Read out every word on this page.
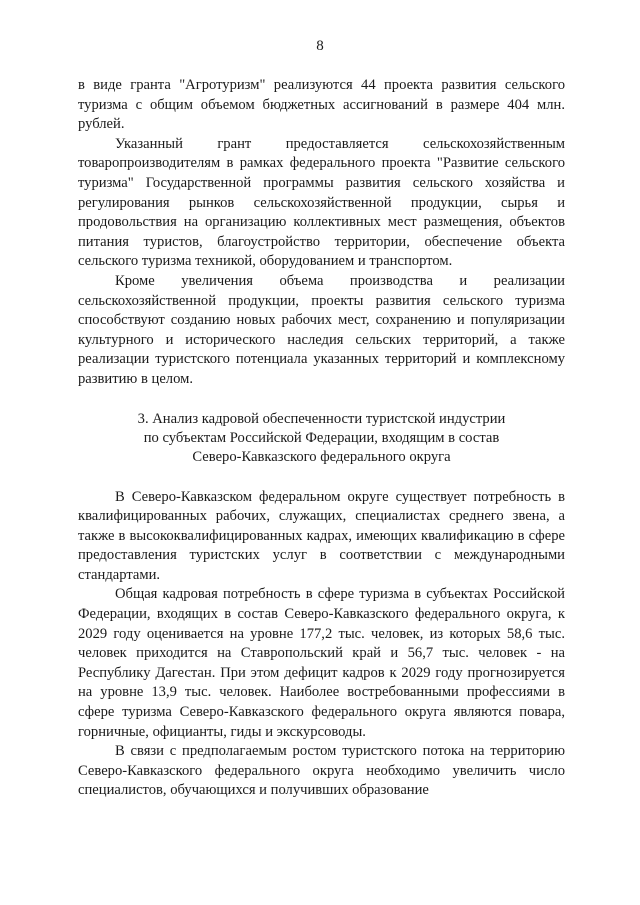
8

в виде гранта "Агротуризм" реализуются 44 проекта развития сельского туризма с общим объемом бюджетных ассигнований в размере 404 млн. рублей.

Указанный грант предоставляется сельскохозяйственным товаропроизводителям в рамках федерального проекта "Развитие сельского туризма" Государственной программы развития сельского хозяйства и регулирования рынков сельскохозяйственной продукции, сырья и продовольствия на организацию коллективных мест размещения, объектов питания туристов, благоустройство территории, обеспечение объекта сельского туризма техникой, оборудованием и транспортом.

Кроме увеличения объема производства и реализации сельскохозяйственной продукции, проекты развития сельского туризма способствуют созданию новых рабочих мест, сохранению и популяризации культурного и исторического наследия сельских территорий, а также реализации туристского потенциала указанных территорий и комплексному развитию в целом.

3. Анализ кадровой обеспеченности туристской индустрии
по субъектам Российской Федерации, входящим в состав
Северо-Кавказского федерального округа

В Северо-Кавказском федеральном округе существует потребность в квалифицированных рабочих, служащих, специалистах среднего звена, а также в высококвалифицированных кадрах, имеющих квалификацию в сфере предоставления туристских услуг в соответствии с международными стандартами.

Общая кадровая потребность в сфере туризма в субъектах Российской Федерации, входящих в состав Северо-Кавказского федерального округа, к 2029 году оценивается на уровне 177,2 тыс. человек, из которых 58,6 тыс. человек приходится на Ставропольский край и 56,7 тыс. человек - на Республику Дагестан. При этом дефицит кадров к 2029 году прогнозируется на уровне 13,9 тыс. человек. Наиболее востребованными профессиями в сфере туризма Северо-Кавказского федерального округа являются повара, горничные, официанты, гиды и экскурсоводы.

В связи с предполагаемым ростом туристского потока на территорию Северо-Кавказского федерального округа необходимо увеличить число специалистов, обучающихся и получивших образование
